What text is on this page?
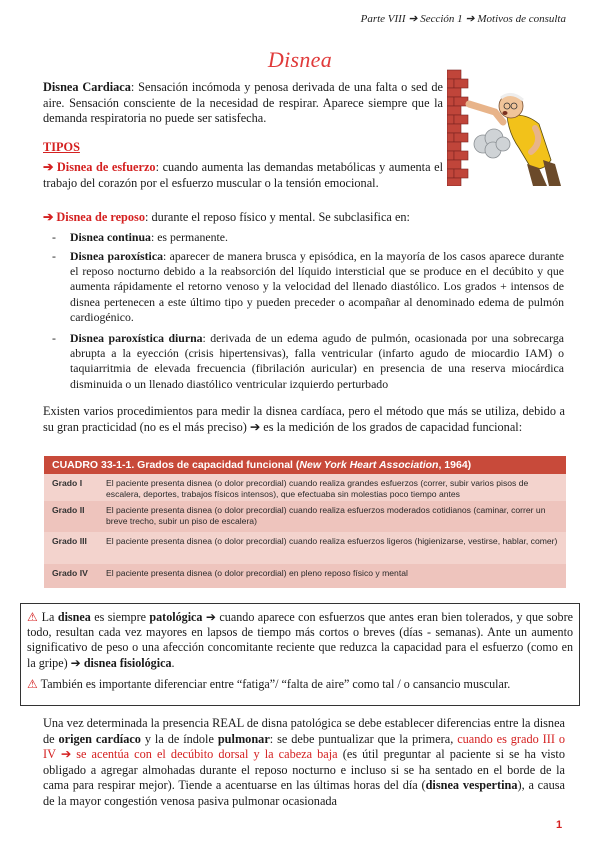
Parte VIII ➔ Sección 1 ➔ Motivos de consulta
Disnea
Disnea Cardiaca: Sensación incómoda y penosa derivada de una falta o sed de aire. Sensación consciente de la necesidad de respirar. Aparece siempre que la demanda respiratoria no puede ser satisfecha.
TIPOS
➔ Disnea de esfuerzo: cuando aumenta las demandas metabólicas y aumenta el trabajo del corazón por el esfuerzo muscular o la tensión emocional.
➔ Disnea de reposo: durante el reposo físico y mental. Se subclasifica en:
- Disnea continua: es permanente.
- Disnea paroxística: aparecer de manera brusca y episódica, en la mayoría de los casos aparece durante el reposo nocturno debido a la reabsorción del líquido intersticial que se produce en el decúbito y que aumenta rápidamente el retorno venoso y la velocidad del llenado diastólico. Los grados + intensos de disnea pertenecen a este último tipo y pueden preceder o acompañar al denominado edema de pulmón cardiogénico.
- Disnea paroxística diurna: derivada de un edema agudo de pulmón, ocasionada por una sobrecarga abrupta a la eyección (crisis hipertensivas), falla ventricular (infarto agudo de miocardio IAM) o taquiarritmia de elevada frecuencia (fibrilación auricular) en presencia de una reserva miocárdica disminuida o un llenado diastólico ventricular izquierdo perturbado
Existen varios procedimientos para medir la disnea cardíaca, pero el método que más se utiliza, debido a su gran practicidad (no es el más preciso) ➔ es la medición de los grados de capacidad funcional:
CUADRO 33-1-1. Grados de capacidad funcional (New York Heart Association, 1964)
Grado I	El paciente presenta disnea (o dolor precordial) cuando realiza grandes esfuerzos (correr, subir varios pisos de escalera, deportes, trabajos físicos intensos), que efectuaba sin molestias poco tiempo antes
Grado II	El paciente presenta disnea (o dolor precordial) cuando realiza esfuerzos moderados cotidianos (caminar, correr un breve trecho, subir un piso de escalera)
Grado III	El paciente presenta disnea (o dolor precordial) cuando realiza esfuerzos ligeros (higienizarse, vestirse, hablar, comer)
Grado IV	El paciente presenta disnea (o dolor precordial) en pleno reposo físico y mental

⚠ La disnea es siempre patológica ➔ cuando aparece con esfuerzos que antes eran bien tolerados, y que sobre todo, resultan cada vez mayores en lapsos de tiempo más cortos o breves (días - semanas). Ante un aumento significativo de peso o una afección concomitante reciente que reduzca la capacidad para el esfuerzo (como en la gripe) ➔ disnea fisiológica.

⚠ También es importante diferenciar entre “fatiga”/ “falta de aire” como tal / o cansancio muscular.

Una vez determinada la presencia REAL de disna patológica se debe establecer diferencias entre la disnea de origen cardíaco y la de índole pulmonar: se debe puntualizar que la primera, cuando es grado III o IV ➔ se acentúa con el decúbito dorsal y la cabeza baja (es útil preguntar al paciente si se ha visto obligado a agregar almohadas durante el reposo nocturno e incluso si se ha sentado en el borde de la cama para respirar mejor). Tiende a acentuarse en las últimas horas del día (disnea vespertina), a causa de la mayor congestión venosa pasiva pulmonar ocasionada
1
